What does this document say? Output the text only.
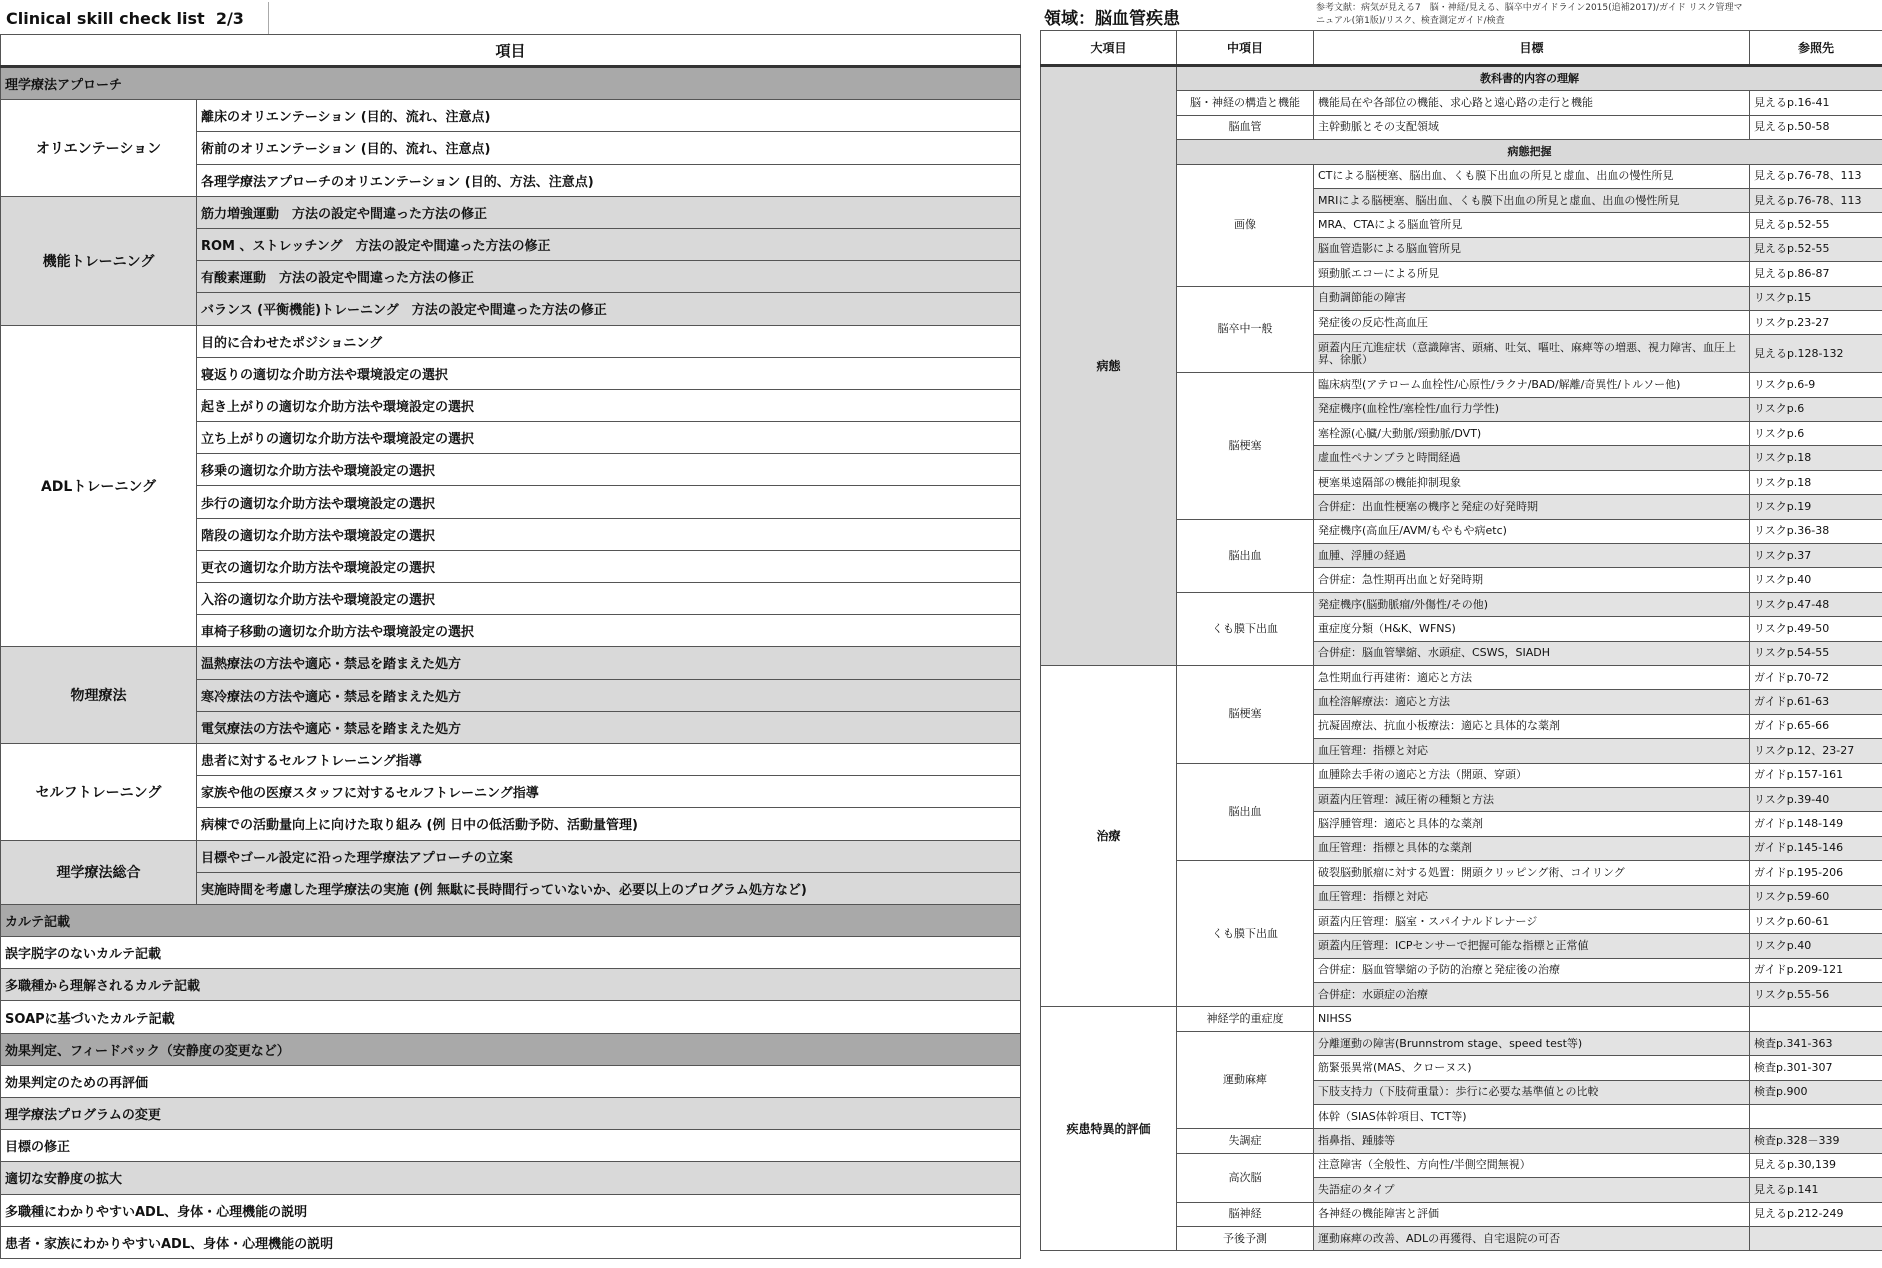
Clinical skill check list
2/3
項目	
理学療法アプローチ	
オリエンテーション	離床のオリエンテーション (目的、流れ、注意点)
	術前のオリエンテーション (目的、流れ、注意点)
	各理学療法アプローチのオリエンテーション (目的、方法、注意点)
機能トレーニング	筋力増強運動　方法の設定や間違った方法の修正
	ROM 、ストレッチング　方法の設定や間違った方法の修正
	有酸素運動　方法の設定や間違った方法の修正
	バランス (平衡機能)トレーニング　方法の設定や間違った方法の修正
ADLトレーニング	目的に合わせたポジショニング
	寝返りの適切な介助方法や環境設定の選択
	起き上がりの適切な介助方法や環境設定の選択
	立ち上がりの適切な介助方法や環境設定の選択
	移乗の適切な介助方法や環境設定の選択
	歩行の適切な介助方法や環境設定の選択
	階段の適切な介助方法や環境設定の選択
	更衣の適切な介助方法や環境設定の選択
	入浴の適切な介助方法や環境設定の選択
	車椅子移動の適切な介助方法や環境設定の選択
物理療法	温熱療法の方法や適応・禁忌を踏まえた処方
	寒冷療法の方法や適応・禁忌を踏まえた処方
	電気療法の方法や適応・禁忌を踏まえた処方
セルフトレーニング	患者に対するセルフトレーニング指導
	家族や他の医療スタッフに対するセルフトレーニング指導
	病棟での活動量向上に向けた取り組み (例 日中の低活動予防、活動量管理)
理学療法総合	目標やゴール設定に沿った理学療法アプローチの立案
	実施時間を考慮した理学療法の実施 (例 無駄に長時間行っていないか、必要以上のプログラム処方など)
カルテ記載	
誤字脱字のないカルテ記載	
多職種から理解されるカルテ記載	
SOAPに基づいたカルテ記載	
効果判定、フィードバック（安静度の変更など）	
効果判定のための再評価	
理学療法プログラムの変更	
目標の修正	
適切な安静度の拡大	
多職種にわかりやすいADL、身体・心理機能の説明	
患者・家族にわかりやすいADL、身体・心理機能の説明	
領域：脳血管疾患
参考文献：病気が見える7　脳・神経/見える、脳卒中ガイドライン2015(追補2017)/ガイド リスク管理マニュアル(第1版)/リスク、検査測定ガイド/検査
大項目	中項目	目標	参照先
病態	教科書的内容の理解		
	脳・神経の構造と機能	機能局在や各部位の機能、求心路と遠心路の走行と機能	見えるp.16-41
	脳血管	主幹動脈とその支配領域	見えるp.50-58
	病態把握		
	画像	CTによる脳梗塞、脳出血、くも膜下出血の所見と虚血、出血の慢性所見	見えるp.76-78、113
		MRIによる脳梗塞、脳出血、くも膜下出血の所見と虚血、出血の慢性所見	見えるp.76-78、113
		MRA、CTAによる脳血管所見	見えるp.52-55
		脳血管造影による脳血管所見	見えるp.52-55
		頸動脈エコーによる所見	見えるp.86-87
	脳卒中一般	自動調節能の障害	リスクp.15
		発症後の反応性高血圧	リスクp.23-27
		頭蓋内圧亢進症状（意識障害、頭痛、吐気、嘔吐、麻痺等の増悪、視力障害、血圧上昇、徐脈）	見えるp.128-132
	脳梗塞	臨床病型(アテローム血栓性/心原性/ラクナ/BAD/解離/奇異性/トルソー他)	リスクp.6-9
		発症機序(血栓性/塞栓性/血行力学性)	リスクp.6
		塞栓源(心臓/大動脈/頸動脈/DVT)	リスクp.6
		虚血性ペナンブラと時間経過	リスクp.18
		梗塞巣遠隔部の機能抑制現象	リスクp.18
		合併症：出血性梗塞の機序と発症の好発時期	リスクp.19
	脳出血	発症機序(高血圧/AVM/もやもや病etc)	リスクp.36-38
		血腫、浮腫の経過	リスクp.37
		合併症：急性期再出血と好発時期	リスクp.40
	くも膜下出血	発症機序(脳動脈瘤/外傷性/その他)	リスクp.47-48
		重症度分類（H&K、WFNS)	リスクp.49-50
		合併症：脳血管攣縮、水頭症、CSWS，SIADH	リスクp.54-55
治療	脳梗塞	急性期血行再建術：適応と方法	ガイドp.70-72
		血栓溶解療法：適応と方法	ガイドp.61-63
		抗凝固療法、抗血小板療法：適応と具体的な薬剤	ガイドp.65-66
		血圧管理：指標と対応	リスクp.12、23-27
	脳出血	血腫除去手術の適応と方法（開頭、穿頭）	ガイドp.157-161
		頭蓋内圧管理：減圧術の種類と方法	リスクp.39-40
		脳浮腫管理：適応と具体的な薬剤	ガイドp.148-149
		血圧管理：指標と具体的な薬剤	ガイドp.145-146
	くも膜下出血	破裂脳動脈瘤に対する処置：開頭クリッピング術、コイリング	ガイドp.195-206
		血圧管理：指標と対応	リスクp.59-60
		頭蓋内圧管理：脳室・スパイナルドレナージ	リスクp.60-61
		頭蓋内圧管理：ICPセンサーで把握可能な指標と正常値	リスクp.40
		合併症：脳血管攣縮の予防的治療と発症後の治療	ガイドp.209-121
		合併症：水頭症の治療	リスクp.55-56
疾患特異的評価	神経学的重症度	NIHSS	
	運動麻痺	分離運動の障害(Brunnstrom stage、speed test等)	検査p.341-363
		筋緊張異常(MAS、クローヌス)	検査p.301-307
		下肢支持力（下肢荷重量）：歩行に必要な基準値との比較	検査p.900
		体幹（SIAS体幹項目、TCT等)	
	失調症	指鼻指、踵膝等	検査p.328－339
	高次脳	注意障害（全般性、方向性/半側空間無視）	見えるp.30,139
		失語症のタイプ	見えるp.141
	脳神経	各神経の機能障害と評価	見えるp.212-249
	予後予測	運動麻痺の改善、ADLの再獲得、自宅退院の可否	
